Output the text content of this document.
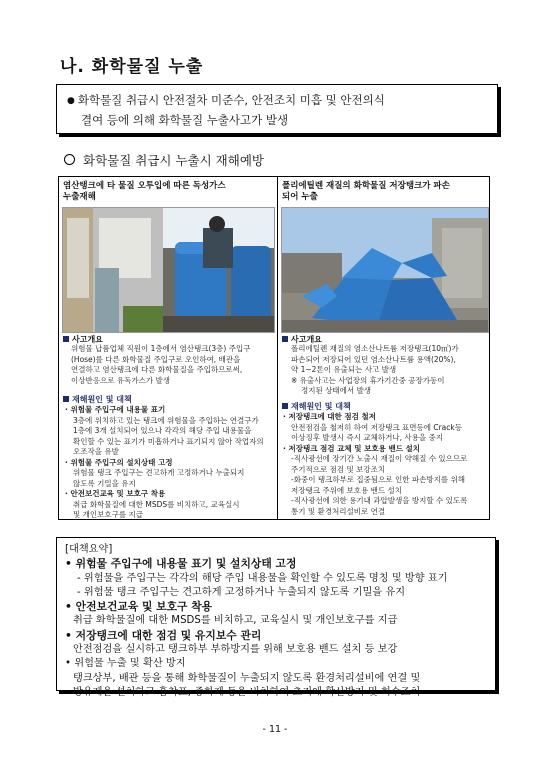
나. 화학물질 누출
● 화학물질 취급시 안전절차 미준수, 안전조치 미흡 및 안전의식
결여 등에 의해 화학물질 누출사고가 발생
화학물질 취급시 누출시 재해예방
염산탱크에 타 물질 오투입에 따른 독성가스
누출재해
사고개요
위험물 납품업체 직원이 1층에서 염산탱크(3층) 주입구
(Hose)를 다른 화학물질 주입구로 오인하여, 배관을
연결하고 염산탱크에 다른 화학물질을 주입하므로써,
이상반응으로 유독가스가 발생
재해원인 및 대책
· 위험물 주입구에 내용물 표기
3층에 위치하고 있는 탱크에 위험물을 주입하는 연결구가
1층에 3개 설치되어 있으나 각각의 해당 주입 내용물을
확인할 수 있는 표기가 미흡하거나 표기되지 않아 작업자의
오조작을 유발
· 위험물 주입구의 설치상태 고정
위험물 탱크 주입구는 견고하게 고정하거나 누출되지
않도록 기밀을 유지
· 안전보건교육 및 보호구 착용
취급 화학물질에 대한 MSDS를 비치하고, 교육실시
및 개인보호구를 지급
폴리에틸렌 재질의 화학물질 저장탱크가 파손
되어 누출
사고개요
폴리에틸렌 재질의 염소산나트륨 저장탱크(10㎥)가
파손되어 저장되어 있던 염소산나트륨 용액(20%),
약 1~2톤이 유출되는 사고 발생
※ 유출사고는 사업장의 휴가기간중 공장가동이
정지된 상태에서 발생
재해원인 및 대책
· 저장탱크에 대한 점검 철저
안전점검을 철저히 하여 저장탱크 표면등에 Crack등
이상징후 발생시 즉시 교체하거나, 사용을 중지
· 저장탱크 점검 교체 및 보호용 밴드 설치
-직사광선에 장기간 노출시 재질이 약해질 수 있으므로
주기적으로 점검 및 보강조치
-화중이 탱크하부로 집중됨으로 인한 파손방지를 위해
저장탱크 주위에 보호용 밴드 설치
-직사광선에 의한 용기내 과압발생을 방지할 수 있도록
통기 및 환경처리설비로 연결
[대책요약]
• 위험물 주입구에 내용물 표기 및 설치상태 고정
- 위험물을 주입구는 각각의 해당 주입 내용물을 확인할 수 있도록 명칭 및 방향 표기
- 위험물 탱크 주입구는 견고하게 고정하거나 누출되지 않도록 기밀을 유지
• 안전보건교육 및 보호구 착용
취급 화학물질에 대한 MSDS를 비치하고, 교육실시 및 개인보호구를 지급
• 저장탱크에 대한 점검 및 유지보수 관리
안전점검을 실시하고 탱크하부 부하방지를 위해 보호용 밴드 설치 등 보강
• 위험물 누출 및 확산 방지
탱크상부, 배관 등을 통해 화학물질이 누출되지 않도록 환경처리설비에 연결 및
방유제을 설치하고 흡착포, 중화제 등을 비치하여 초기에 확산방지 및 회수조치
- 11 -
